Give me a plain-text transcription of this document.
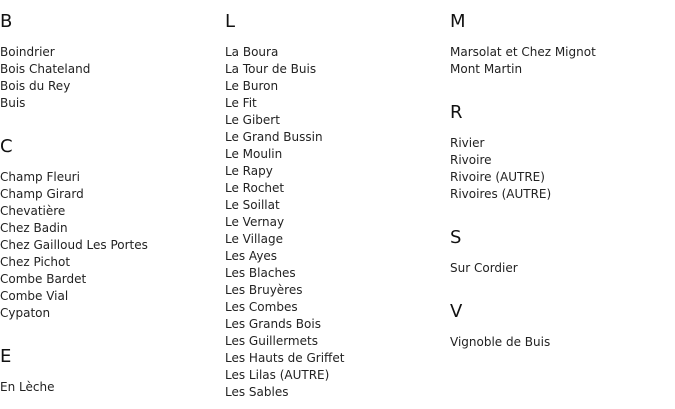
B
Boindrier
Bois Chateland
Bois du Rey
Buis
C
Champ Fleuri
Champ Girard
Chevatière
Chez Badin
Chez Gailloud Les Portes
Chez Pichot
Combe Bardet
Combe Vial
Cypaton
E
En Lèche
L
La Boura
La Tour de Buis
Le Buron
Le Fit
Le Gibert
Le Grand Bussin
Le Moulin
Le Rapy
Le Rochet
Le Soillat
Le Vernay
Le Village
Les Ayes
Les Blaches
Les Bruyères
Les Combes
Les Grands Bois
Les Guillermets
Les Hauts de Griffet
Les Lilas (AUTRE)
Les Sables
M
Marsolat et Chez Mignot
Mont Martin
R
Rivier
Rivoire
Rivoire (AUTRE)
Rivoires (AUTRE)
S
Sur Cordier
V
Vignoble de Buis
